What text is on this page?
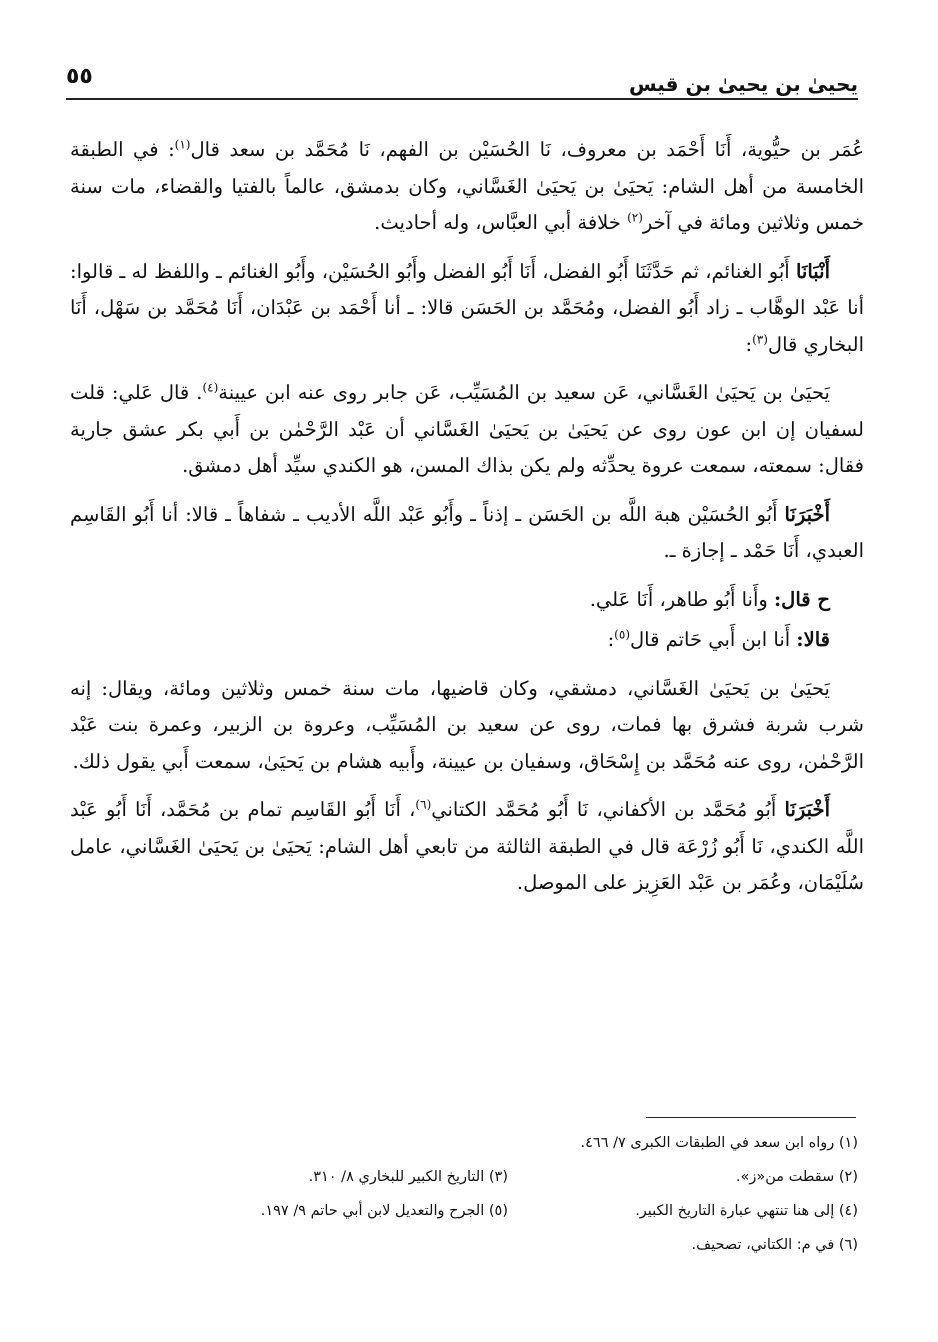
يحيىٰ بن يحيىٰ بن قيس
٥٥

عُمَر بن حيُّوية، أَنَا أَحْمَد بن معروف، نَا الحُسَيْن بن الفهم، نَا مُحَمَّد بن سعد قال$^{(١)}$: في الطبقة الخامسة من أهل الشام: يَحيَىٰ بن يَحيَىٰ الغَسَّاني، وكان بدمشق، عالماً بالفتيا والقضاء، مات سنة خمس وثلاثين ومائة في آخر$^{(٢)}$ خلافة أبي العبَّاس، وله أحاديث.

أَنْبَانَا أَبُو الغنائم، ثم حَدَّثَنَا أَبُو الفضل، أَنَا أَبُو الفضل وأَبُو الحُسَيْن، وأَبُو الغنائم ـ واللفظ له ـ قالوا: أنا عَبْد الوهَّاب ـ زاد أَبُو الفضل، ومُحَمَّد بن الحَسَن قالا: ـ أنا أَحْمَد بن عَبْدَان، أَنَا مُحَمَّد بن سَهْل، أَنَا البخاري قال$^{(٣)}$:

يَحيَىٰ بن يَحيَىٰ الغَسَّاني، عَن سعيد بن المُسَيِّب، عَن جابر روى عنه ابن عيينة$^{(٤)}$. قال عَلي: قلت لسفيان إن ابن عون روى عن يَحيَىٰ بن يَحيَىٰ الغَسَّاني أن عَبْد الرَّحْمٰن بن أَبي بكر عشق جارية فقال: سمعته، سمعت عروة يحدِّثه ولم يكن بذاك المسن، هو الكندي سيِّد أهل دمشق.

أَخْبَرَنَا أَبُو الحُسَيْن هبة اللَّه بن الحَسَن ـ إذناً ـ وأَبُو عَبْد اللَّه الأديب ـ شفاهاً ـ قالا: أنا أَبُو القَاسِم العبدي، أَنَا حَمْد ـ إجازة ـ.

ح قال: وأَنا أَبُو طاهر، أَنَا عَلي.

قالا: أَنا ابن أَبي حَاتم قال$^{(٥)}$:

يَحيَىٰ بن يَحيَىٰ الغَسَّاني، دمشقي، وكان قاضيها، مات سنة خمس وثلاثين ومائة، ويقال: إنه شرب شربة فشرق بها فمات، روى عن سعيد بن المُسَيِّب، وعروة بن الزبير، وعمرة بنت عَبْد الرَّحْمٰن، روى عنه مُحَمَّد بن إِسْحَاق، وسفيان بن عيينة، وأَبيه هشام بن يَحيَىٰ، سمعت أَبي يقول ذلك.

أَخْبَرَنَا أَبُو مُحَمَّد بن الأكفاني، نَا أَبُو مُحَمَّد الكتاني$^{(٦)}$، أَنَا أَبُو القَاسِم تمام بن مُحَمَّد، أَنَا أَبُو عَبْد اللَّه الكندي، نَا أَبُو زُرْعَة قال في الطبقة الثالثة من تابعي أهل الشام: يَحيَىٰ بن يَحيَىٰ الغَسَّاني، عامل سُلَيْمَان، وعُمَر بن عَبْد العَزِيز على الموصل.

(١) رواه ابن سعد في الطبقات الكبرى ٧/ ٤٦٦.
(٢) سقطت من«ز».
(٣) التاريخ الكبير للبخاري ٨/ ٣١٠.
(٤) إلى هنا تنتهي عبارة التاريخ الكبير.
(٥) الجرح والتعديل لابن أبي حاتم ٩/ ١٩٧.
(٦) في م: الكتاني، تصحيف.
